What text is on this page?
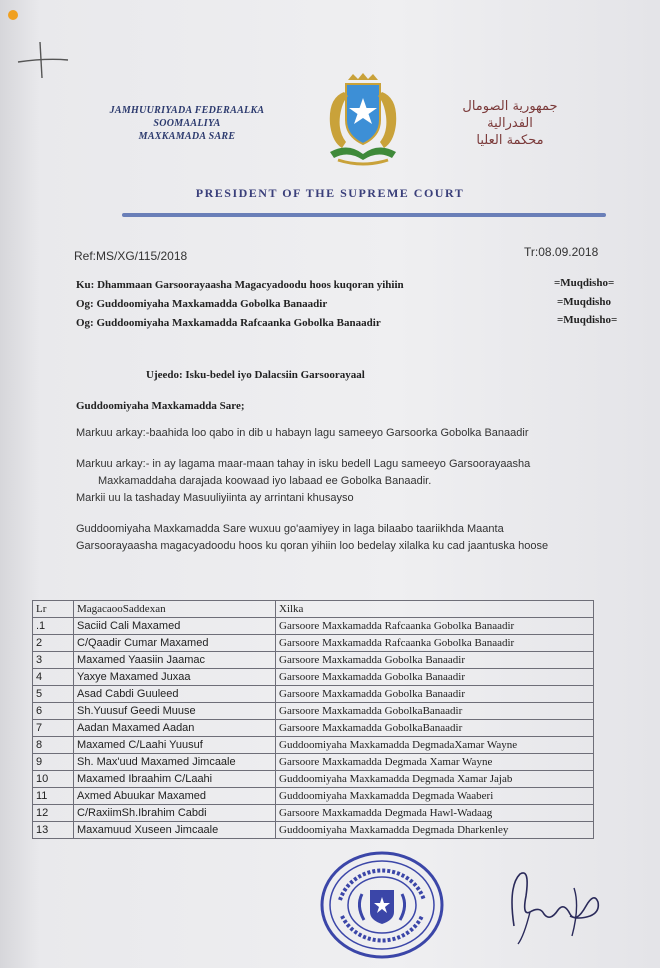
JAMHUURIYADA FEDERAALKA
SOOMAALIYA
MAXKAMADA SARE
جمهورية الصومال
الفدرالية
محكمة العليا
PRESIDENT OF THE SUPREME COURT
Ref:MS/XG/115/2018	Tr:08.09.2018
Ku: Dhammaan Garsoorayaasha Magacyadoodu hoos kuqoran yihiin	=Muqdisho=
Og: Guddoomiyaha Maxkamadda Gobolka Banaadir	=Muqdisho
Og: Guddoomiyaha Maxkamadda Rafcaanka Gobolka Banaadir	=Muqdisho=
Ujeedo: Isku-bedel iyo Dalacsiin Garsoorayaal
Guddoomiyaha Maxkamadda Sare;
Markuu arkay:-baahida loo qabo in dib u habayn lagu sameeyo Garsoorka Gobolka Banaadir
Markuu arkay:- in ay lagama maar-maan tahay in isku bedell Lagu sameeyo Garsoorayaasha
Maxkamaddaha darajada koowaad iyo labaad ee Gobolka Banaadir.
Markii uu la tashaday Masuuliyiinta ay arrintani khusayso
Guddoomiyaha Maxkamadda Sare wuxuu go'aamiyey in laga bilaabo taariikhda Maanta
Garsoorayaasha magacyadoodu hoos ku qoran yihiin loo bedelay xilalka ku cad jaantuska hoose
Lr	MagacaooSaddexan	Xilka
.1	Saciid Cali Maxamed	Garsoore Maxkamadda Rafcaanka Gobolka Banaadir
2	C/Qaadir Cumar Maxamed	Garsoore Maxkamadda Rafcaanka Gobolka Banaadir
3	Maxamed Yaasiin Jaamac	Garsoore Maxkamadda Gobolka Banaadir
4	Yaxye Maxamed Juxaa	Garsoore Maxkamadda Gobolka Banaadir
5	Asad Cabdi Guuleed	Garsoore Maxkamadda Gobolka Banaadir
6	Sh.Yuusuf Geedi Muuse	Garsoore Maxkamadda GobolkaBanaadir
7	Aadan Maxamed Aadan	Garsoore Maxkamadda GobolkaBanaadir
8	Maxamed C/Laahi Yuusuf	Guddoomiyaha Maxkamadda DegmadaXamar Wayne
9	Sh. Max'uud Maxamed Jimcaale	Garsoore Maxkamadda Degmada Xamar Wayne
10	Maxamed Ibraahim C/Laahi	Guddoomiyaha Maxkamadda Degmada Xamar Jajab
11	Axmed Abuukar Maxamed	Guddoomiyaha Maxkamadda Degmada Waaberi
12	C/RaxiimSh.Ibrahim Cabdi	Garsoore Maxkamadda Degmada Hawl-Wadaag
13	Maxamuud Xuseen Jimcaale	Guddoomiyaha Maxkamadda Degmada Dharkenley
